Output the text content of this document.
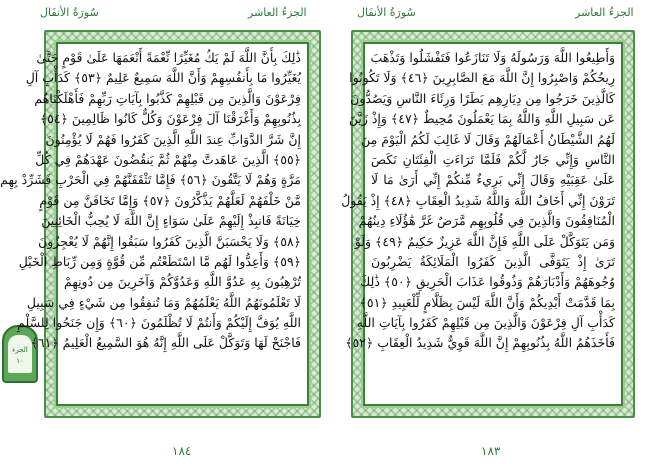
الجزءُ العاشر
سُورَةُ الأنفَال
الجزء ١٠
ذَٰلِكَ بِأَنَّ اللَّهَ لَمْ يَكُ مُغَيِّرًا نِّعْمَةً أَنْعَمَهَا عَلَىٰ قَوْمٍ حَتَّىٰ
يُغَيِّرُوا مَا بِأَنفُسِهِمْ وَأَنَّ اللَّهَ سَمِيعٌ عَلِيمٌ ﴿٥٣﴾ كَدَأْبِ آلِ
فِرْعَوْنَ وَالَّذِينَ مِن قَبْلِهِمْ كَذَّبُوا بِآيَاتِ رَبِّهِمْ فَأَهْلَكْنَاهُم
بِذُنُوبِهِمْ وَأَغْرَقْنَا آلَ فِرْعَوْنَ وَكُلٌّ كَانُوا ظَالِمِينَ ﴿٥٤﴾
إِنَّ شَرَّ الدَّوَابِّ عِندَ اللَّهِ الَّذِينَ كَفَرُوا فَهُمْ لَا يُؤْمِنُونَ
﴿٥٥﴾ الَّذِينَ عَاهَدتَّ مِنْهُمْ ثُمَّ يَنقُضُونَ عَهْدَهُمْ فِي كُلِّ
مَرَّةٍ وَهُمْ لَا يَتَّقُونَ ﴿٥٦﴾ فَإِمَّا تَثْقَفَنَّهُمْ فِي الْحَرْبِ فَشَرِّدْ بِهِم
مَّنْ خَلْفَهُمْ لَعَلَّهُمْ يَذَّكَّرُونَ ﴿٥٧﴾ وَإِمَّا تَخَافَنَّ مِن قَوْمٍ
خِيَانَةً فَانبِذْ إِلَيْهِمْ عَلَىٰ سَوَاءٍ إِنَّ اللَّهَ لَا يُحِبُّ الْخَائِنِينَ
﴿٥٨﴾ وَلَا يَحْسَبَنَّ الَّذِينَ كَفَرُوا سَبَقُوا إِنَّهُمْ لَا يُعْجِزُونَ
﴿٥٩﴾ وَأَعِدُّوا لَهُم مَّا اسْتَطَعْتُم مِّن قُوَّةٍ وَمِن رِّبَاطِ الْخَيْلِ
تُرْهِبُونَ بِهِ عَدُوَّ اللَّهِ وَعَدُوَّكُمْ وَآخَرِينَ مِن دُونِهِمْ
لَا تَعْلَمُونَهُمُ اللَّهُ يَعْلَمُهُمْ وَمَا تُنفِقُوا مِن شَيْءٍ فِي سَبِيلِ
اللَّهِ يُوَفَّ إِلَيْكُمْ وَأَنتُمْ لَا تُظْلَمُونَ ﴿٦٠﴾ وَإِن جَنَحُوا لِلسَّلْمِ
فَاجْنَحْ لَهَا وَتَوَكَّلْ عَلَى اللَّهِ إِنَّهُ هُوَ السَّمِيعُ الْعَلِيمُ ﴿٦١﴾
١٨٤
الجزءُ العاشر
سُورَةُ الأنفَال
وَأَطِيعُوا اللَّهَ وَرَسُولَهُ وَلَا تَنَازَعُوا فَتَفْشَلُوا وَتَذْهَبَ
رِيحُكُمْ وَاصْبِرُوا إِنَّ اللَّهَ مَعَ الصَّابِرِينَ ﴿٤٦﴾ وَلَا تَكُونُوا
كَالَّذِينَ خَرَجُوا مِن دِيَارِهِم بَطَرًا وَرِئَاءَ النَّاسِ وَيَصُدُّونَ
عَن سَبِيلِ اللَّهِ وَاللَّهُ بِمَا يَعْمَلُونَ مُحِيطٌ ﴿٤٧﴾ وَإِذْ زَيَّنَ
لَهُمُ الشَّيْطَانُ أَعْمَالَهُمْ وَقَالَ لَا غَالِبَ لَكُمُ الْيَوْمَ مِنَ
النَّاسِ وَإِنِّي جَارٌ لَّكُمْ فَلَمَّا تَرَاءَتِ الْفِئَتَانِ نَكَصَ
عَلَىٰ عَقِبَيْهِ وَقَالَ إِنِّي بَرِيءٌ مِّنكُمْ إِنِّي أَرَىٰ مَا لَا
تَرَوْنَ إِنِّي أَخَافُ اللَّهَ وَاللَّهُ شَدِيدُ الْعِقَابِ ﴿٤٨﴾ إِذْ يَقُولُ
الْمُنَافِقُونَ وَالَّذِينَ فِي قُلُوبِهِم مَّرَضٌ غَرَّ هَٰؤُلَاءِ دِينُهُمْ
وَمَن يَتَوَكَّلْ عَلَى اللَّهِ فَإِنَّ اللَّهَ عَزِيزٌ حَكِيمٌ ﴿٤٩﴾ وَلَوْ
تَرَىٰ إِذْ يَتَوَفَّى الَّذِينَ كَفَرُوا الْمَلَائِكَةُ يَضْرِبُونَ
وُجُوهَهُمْ وَأَدْبَارَهُمْ وَذُوقُوا عَذَابَ الْحَرِيقِ ﴿٥٠﴾ ذَٰلِكَ
بِمَا قَدَّمَتْ أَيْدِيكُمْ وَأَنَّ اللَّهَ لَيْسَ بِظَلَّامٍ لِّلْعَبِيدِ ﴿٥١﴾
كَدَأْبِ آلِ فِرْعَوْنَ وَالَّذِينَ مِن قَبْلِهِمْ كَفَرُوا بِآيَاتِ اللَّهِ
فَأَخَذَهُمُ اللَّهُ بِذُنُوبِهِمْ إِنَّ اللَّهَ قَوِيٌّ شَدِيدُ الْعِقَابِ ﴿٥٢﴾
١٨٣
